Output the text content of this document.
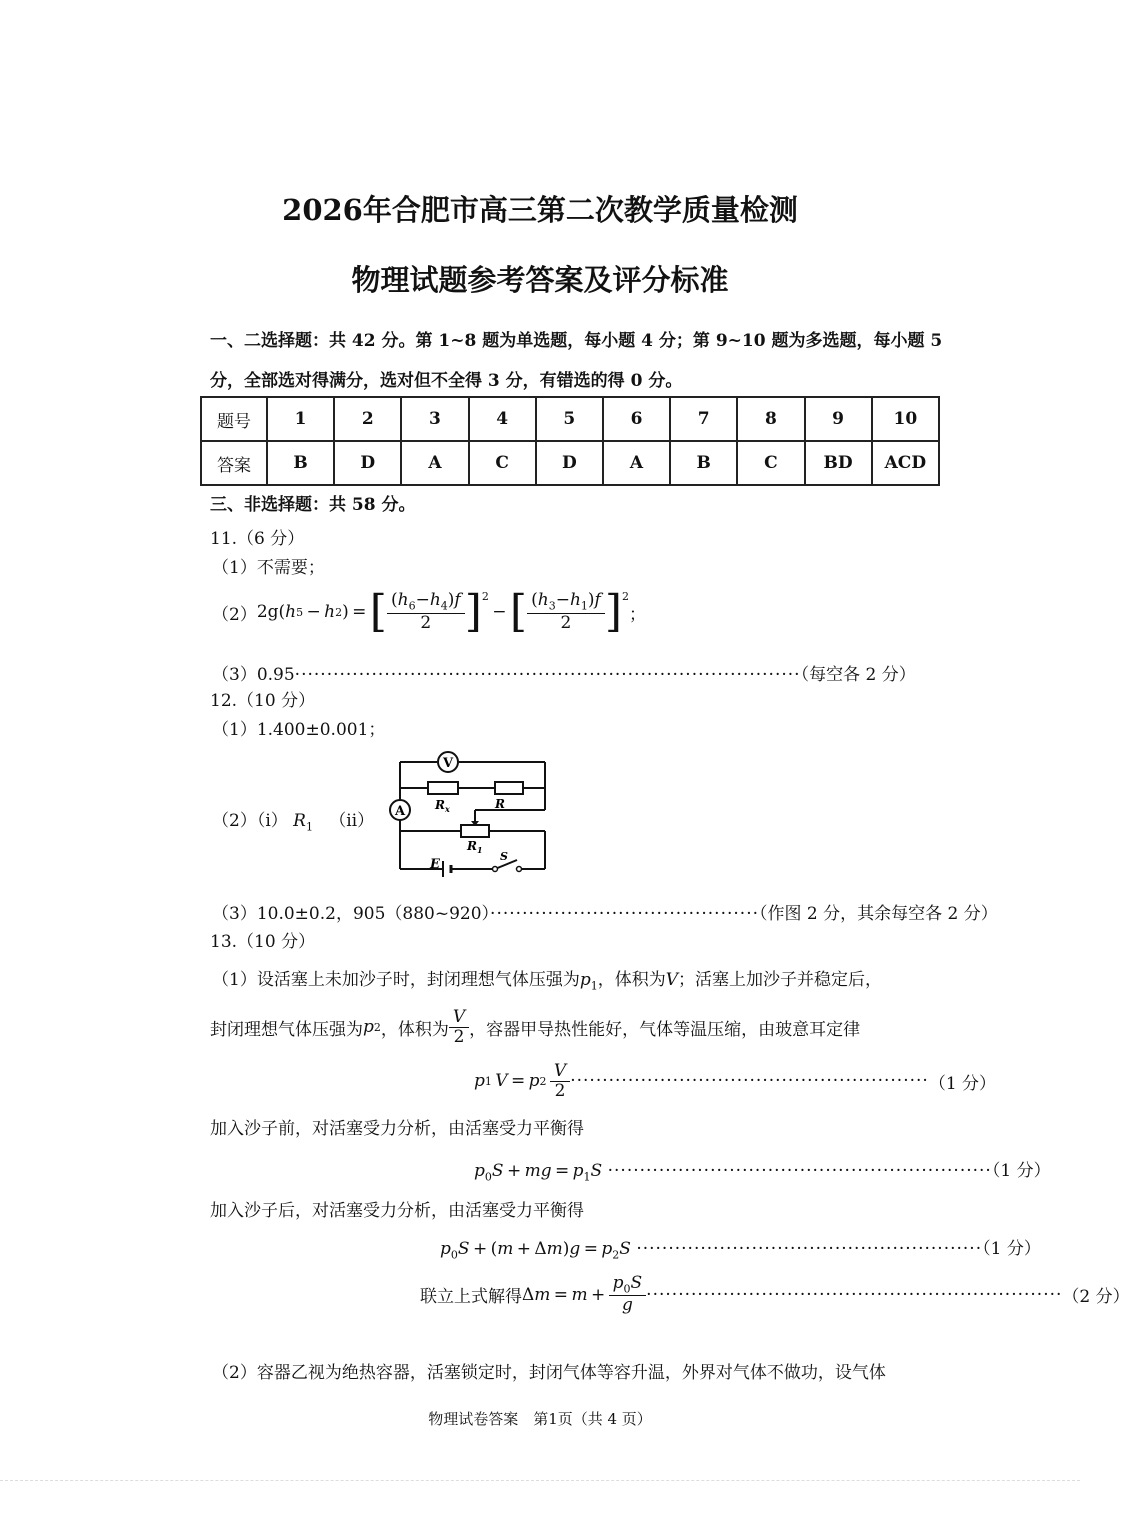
2026年合肥市高三第二次教学质量检测
物理试题参考答案及评分标准
一、二选择题：共 42 分。第 1~8 题为单选题，每小题 4 分；第 9~10 题为多选题，每小题 5
分，全部选对得满分，选对但不全得 3 分，有错选的得 0 分。
题号	1	2	3	4	5	6	7	8	9	10
答案	B	D	A	C	D	A	B	C	BD	ACD
三、非选择题：共 58 分。
11.（6 分）
（1）不需要；
（2） 2g( h 5  −  h 2 ) =  [ $\frac{(h_6-h_4)f}{2} ]^2$
 −  [ $\frac{(h_3-h_1)f}{2} ]^2$
；
（3）0.95···············································································（每空各 2 分）
12.（10 分）
（1）1.400±0.001；
（2）（ⅰ） $R_1$ （ⅱ）
V
A $R_x$	R
$R_1$
E
S
（3）10.0±0.2，905（880~920）··········································（作图 2 分，其余每空各 2 分）
13.（10 分）
（1）设活塞上未加沙子时，封闭理想气体压强为$p_1$，体积为V；活塞上加沙子并稳定后，
封闭理想气体压强为 p 2 ，体积为 $\frac{V}{2}$ ，容器甲导热性能好，气体等温压缩，由玻意耳定律
p 1
  V  =  p 2
  $\frac{V}{2}$ ························································ （1 分）
加入沙子前，对活塞受力分析，由活塞受力平衡得
$p_0S$ + mg = $p_1S \cdot\cdot\cdot\cdot\cdot\cdot\cdot\cdot\cdot\cdot\cdot\cdot\cdot\cdot\cdot\cdot\cdot\cdot\cdot\cdot\cdot\cdot\cdot\cdot\cdot\cdot\cdot\cdot\cdot\cdot\cdot\cdot\cdot\cdot\cdot\cdot\cdot\cdot\cdot\cdot\cdot\cdot\cdot\cdot\cdot\cdot\cdot\cdot\cdot\cdot\cdot\cdot\cdot\cdot\cdot\cdot\cdot\cdot\cdot\cdot(1$ 分）
加入沙子后，对活塞受力分析，由活塞受力平衡得
$p_0S + (m + \Delta m)g = p_2S \cdot\cdot\cdot\cdot\cdot\cdot\cdot\cdot\cdot\cdot\cdot\cdot\cdot\cdot\cdot\cdot\cdot\cdot\cdot\cdot\cdot\cdot\cdot\cdot\cdot\cdot\cdot\cdot\cdot\cdot\cdot\cdot\cdot\cdot\cdot\cdot\cdot\cdot\cdot\cdot\cdot\cdot\cdot\cdot\cdot\cdot\cdot\cdot\cdot\cdot\cdot\cdot\cdot\cdot(1$ 分）
联立上式解得 Δ $m = m + \frac{p_0S}{g}$ ································································· （2 分）
（2）容器乙视为绝热容器，活塞锁定时，封闭气体等容升温，外界对气体不做功，设气体
物理试卷答案　第1页（共 4 页）
